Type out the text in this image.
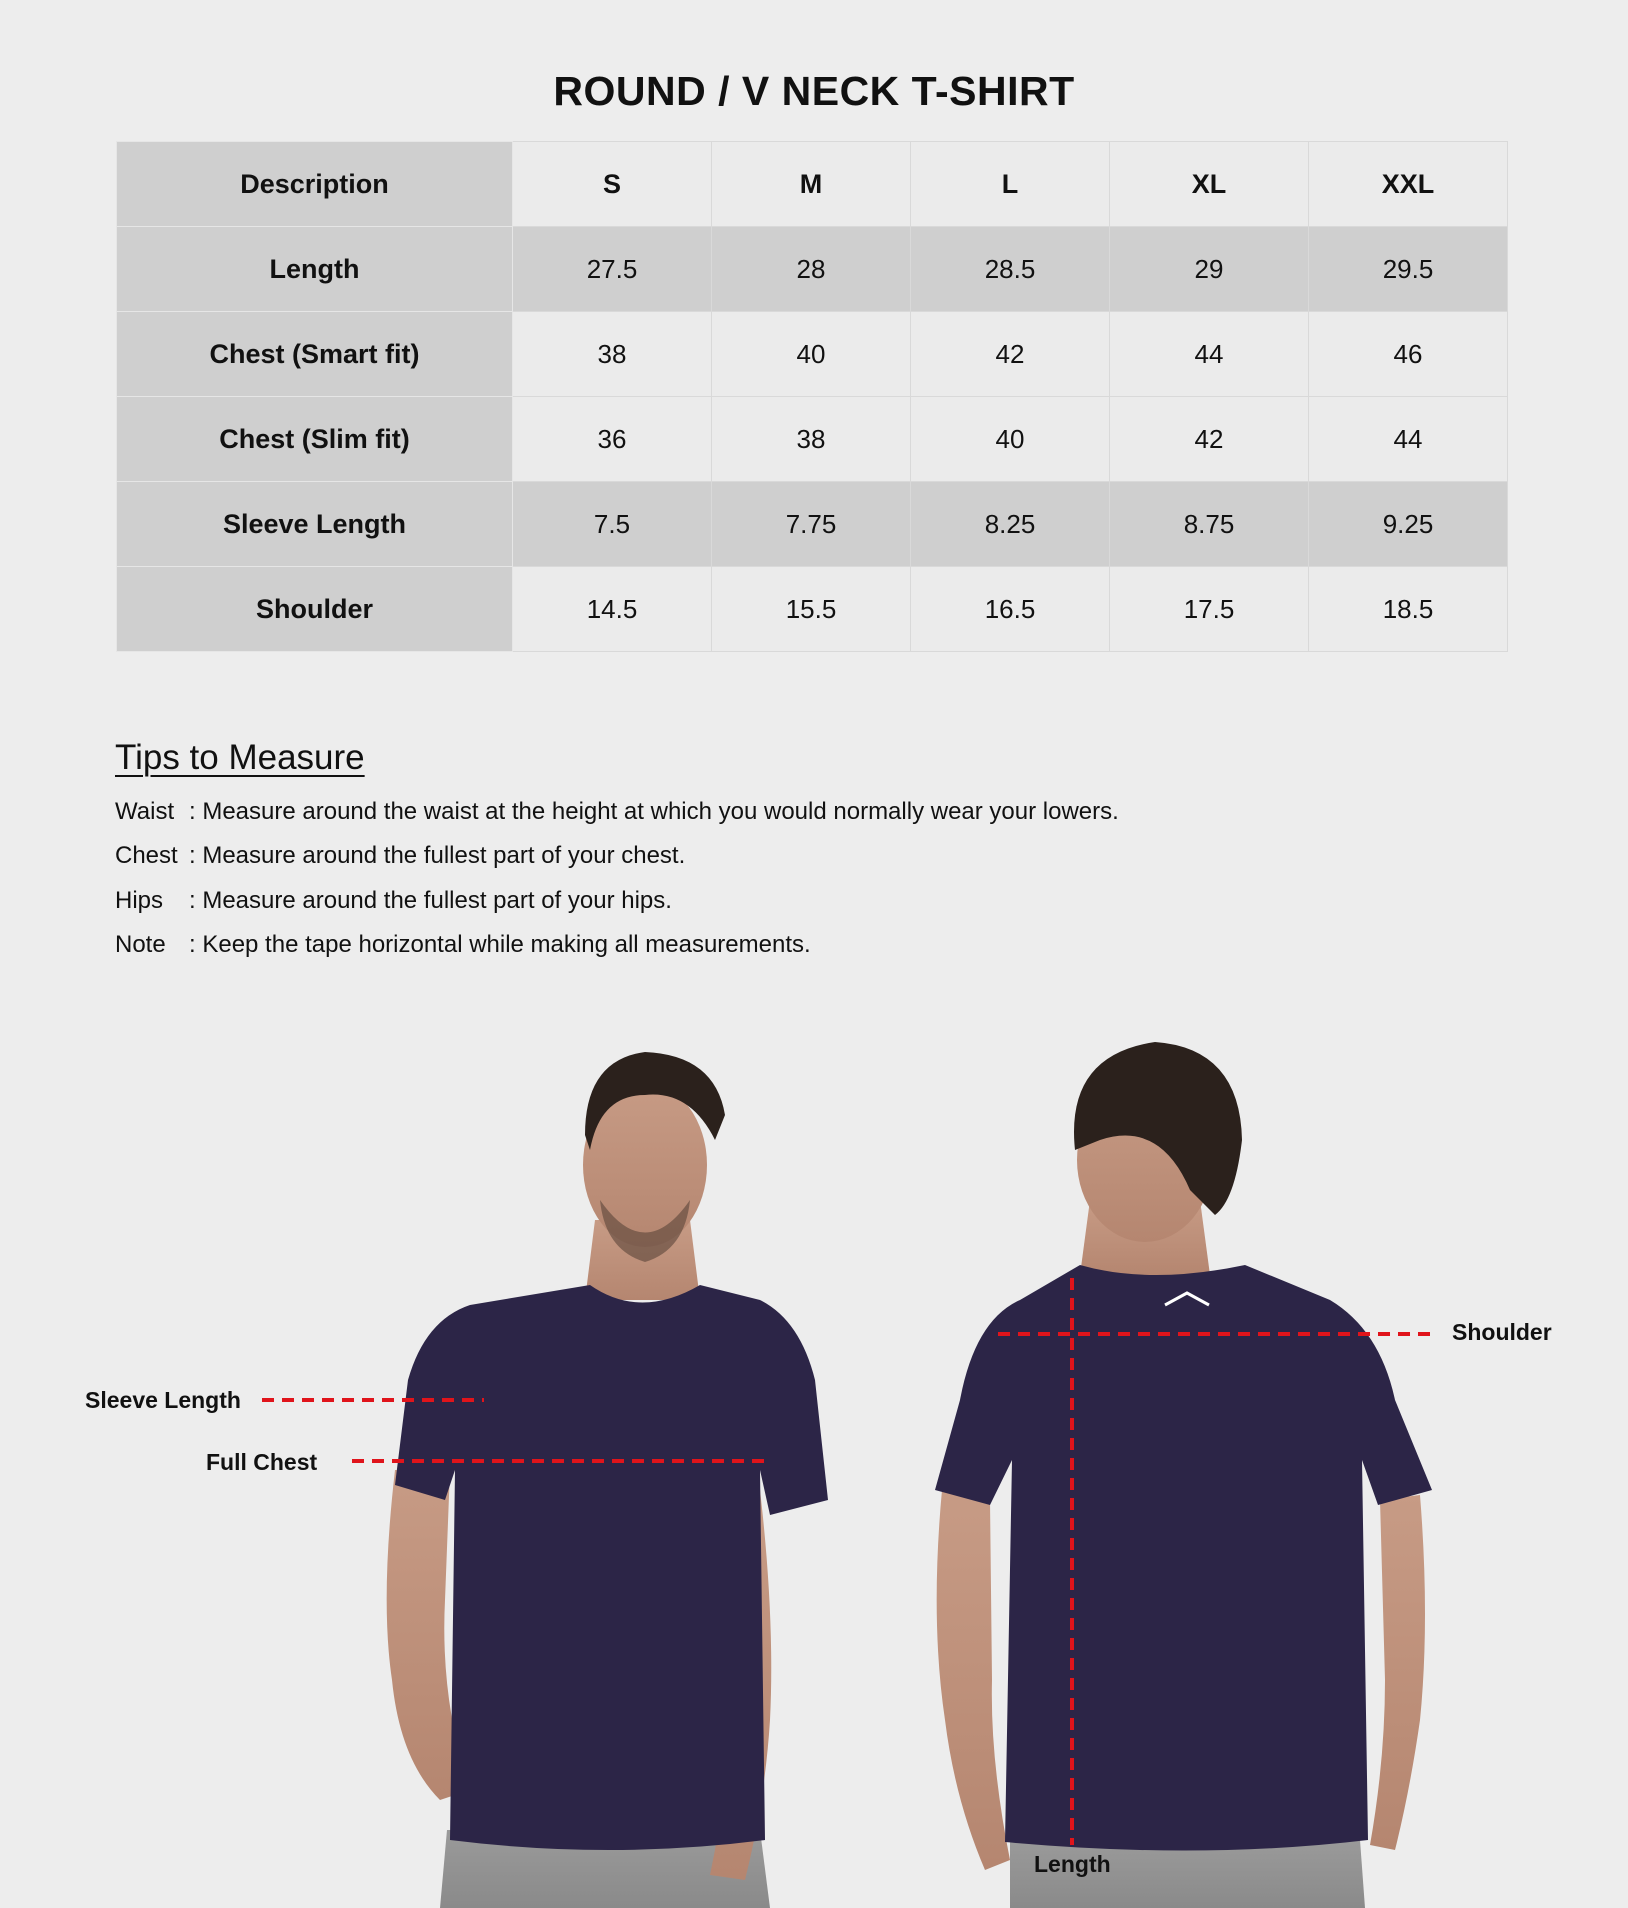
ROUND / V NECK T-SHIRT
Description	S	M	L	XL	XXL
Length	27.5	28	28.5	29	29.5
Chest (Smart fit)	38	40	42	44	46
Chest (Slim fit)	36	38	40	42	44
Sleeve Length	7.5	7.75	8.25	8.75	9.25
Shoulder	14.5	15.5	16.5	17.5	18.5
Tips to Measure
Waist : Measure around the waist at the height at which you would normally wear your lowers.
Chest : Measure around the fullest part of your chest.
Hips	: Measure around the fullest part of your hips.
Note : Keep the tape horizontal while making all measurements.
Sleeve Length
Full Chest
Shoulder
Length
